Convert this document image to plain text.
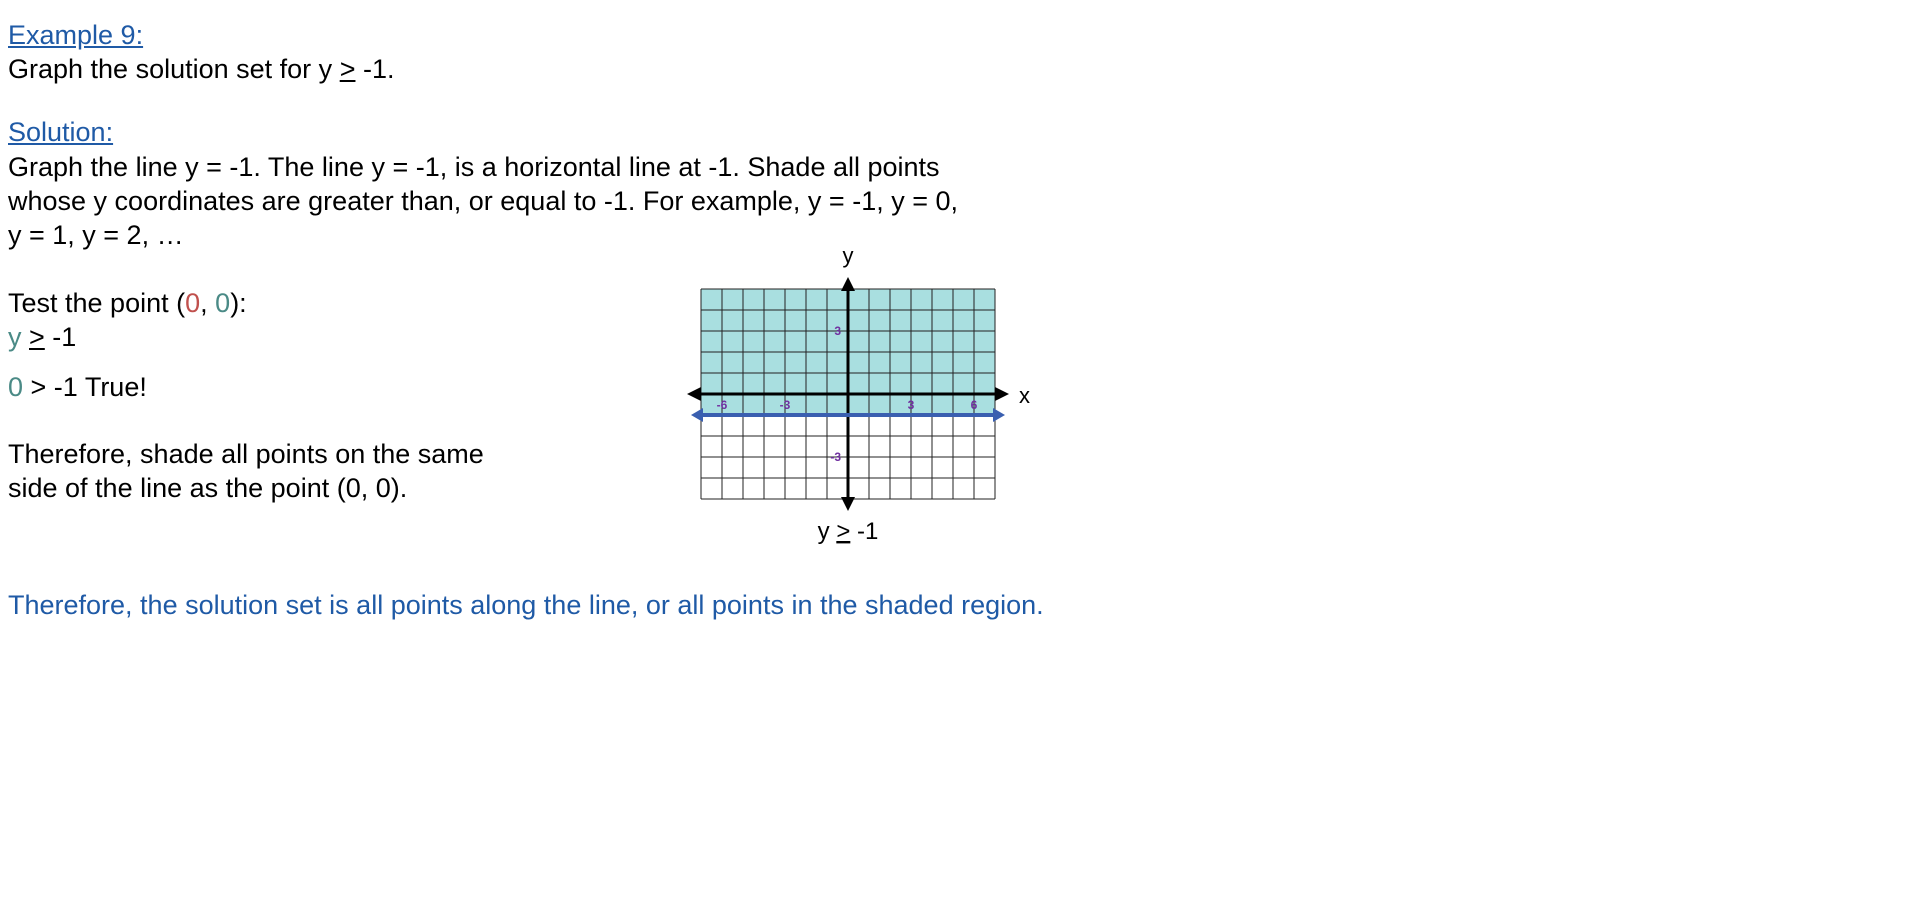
Example 9:
Graph the solution set for y > -1.
Solution:
Graph the line y = -1. The line y = -1, is a horizontal line at -1. Shade all points
whose y coordinates are greater than, or equal to -1. For example, y = -1, y = 0,
y = 1, y = 2, …
Test the point (0, 0):
y > -1
0 > -1 True!
Therefore, shade all points on the same
side of the line as the point (0, 0).
Therefore, the solution set is all points along the line, or all points in the shaded region.
-6	-3	3	6
3
-3
x
y
y > -1
